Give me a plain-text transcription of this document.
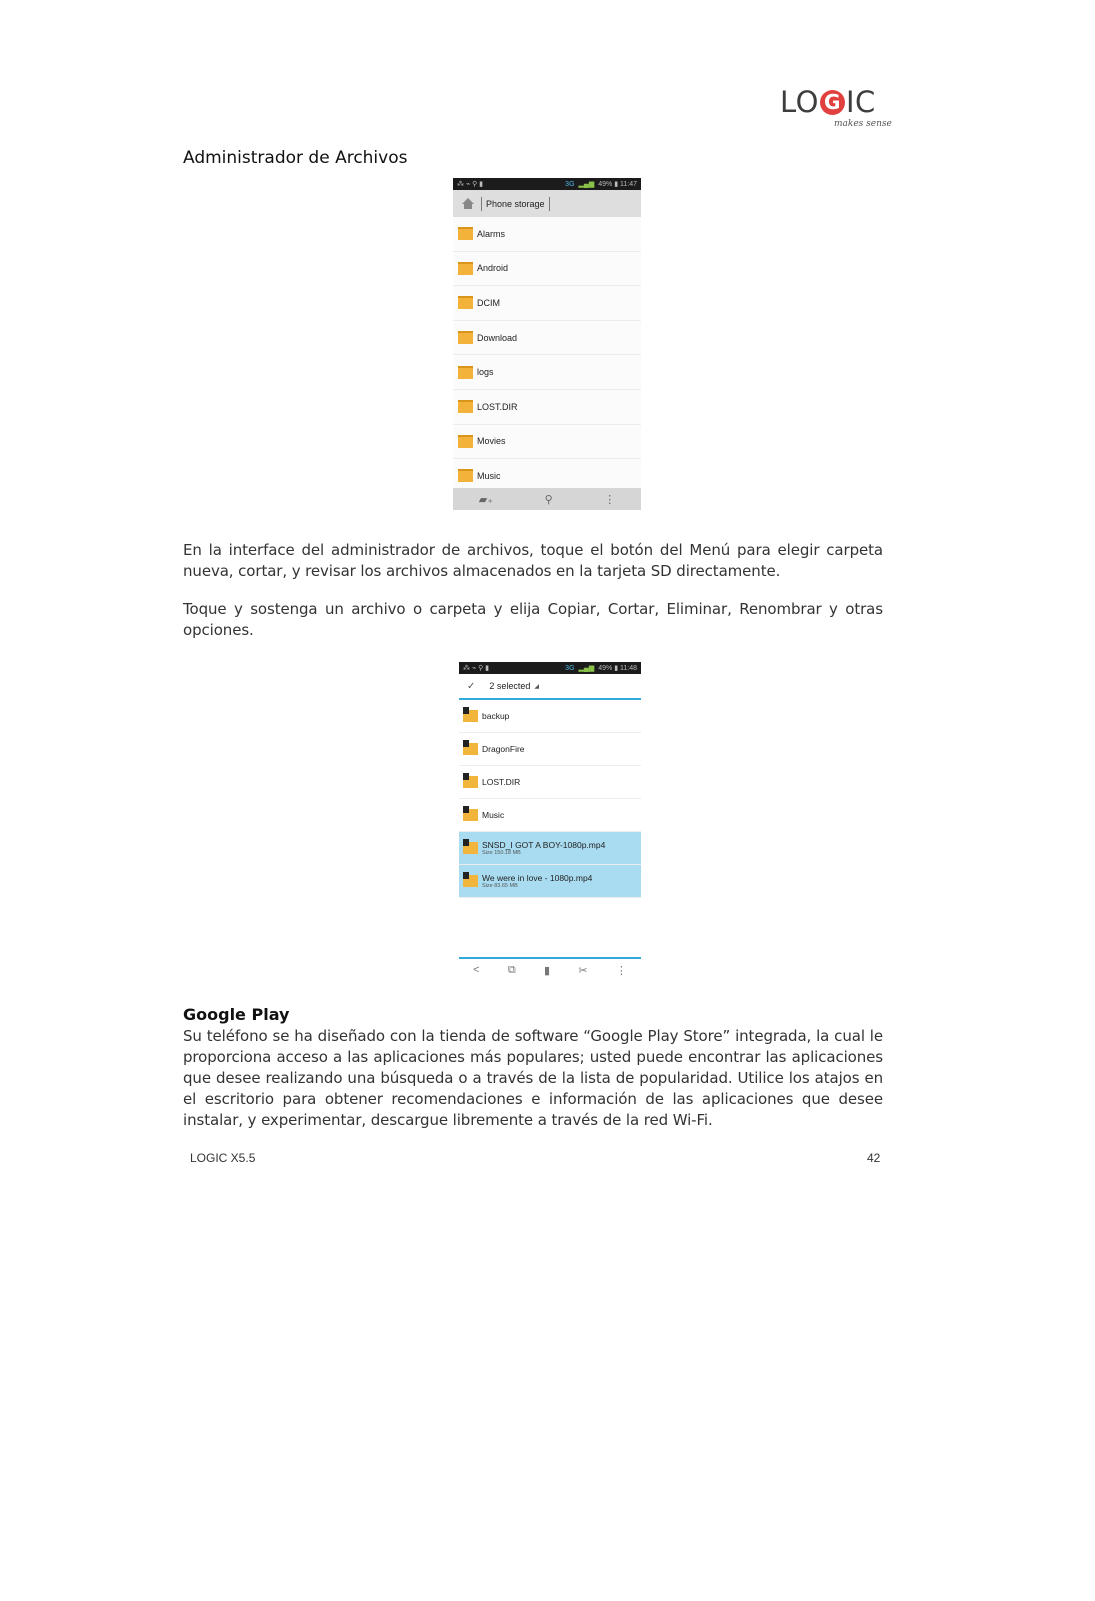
LO G IC
makes sense
Administrador de Archivos
⁂ ⌁ ⚲ ▮	3G ▂▄▆ 49% ▮ 11:47
Phone storage
Alarms
Android
DCIM
Download
logs
LOST.DIR
Movies
Music
▰₊	⚲	⋮
En la interface del administrador de archivos, toque el botón del Menú para elegir carpeta nueva, cortar, y revisar los archivos almacenados en la tarjeta SD directamente.
Toque y sostenga un archivo o carpeta y elija Copiar, Cortar, Eliminar, Renombrar y otras opciones.
⁂ ⌁ ⚲ ▮	3G ▂▄▆ 49% ▮ 11:48
✓ 2 selected ◢
backup
DragonFire
LOST.DIR
Music
SNSD_I GOT A BOY-1080p.mp4
Size 150.18 MB
We were in love - 1080p.mp4
Size 83.65 MB
<	⧉	▮	✂	⋮
Google Play
Su teléfono se ha diseñado con la tienda de software “Google Play Store” integrada, la cual le proporciona acceso a las aplicaciones más populares; usted puede encontrar las aplicaciones que desee realizando una búsqueda o a través de la lista de popularidad. Utilice los atajos en el escritorio para obtener recomendaciones e información de las aplicaciones que desee instalar, y experimentar, descargue libremente a través de la red Wi-Fi.
LOGIC X5.5	42
